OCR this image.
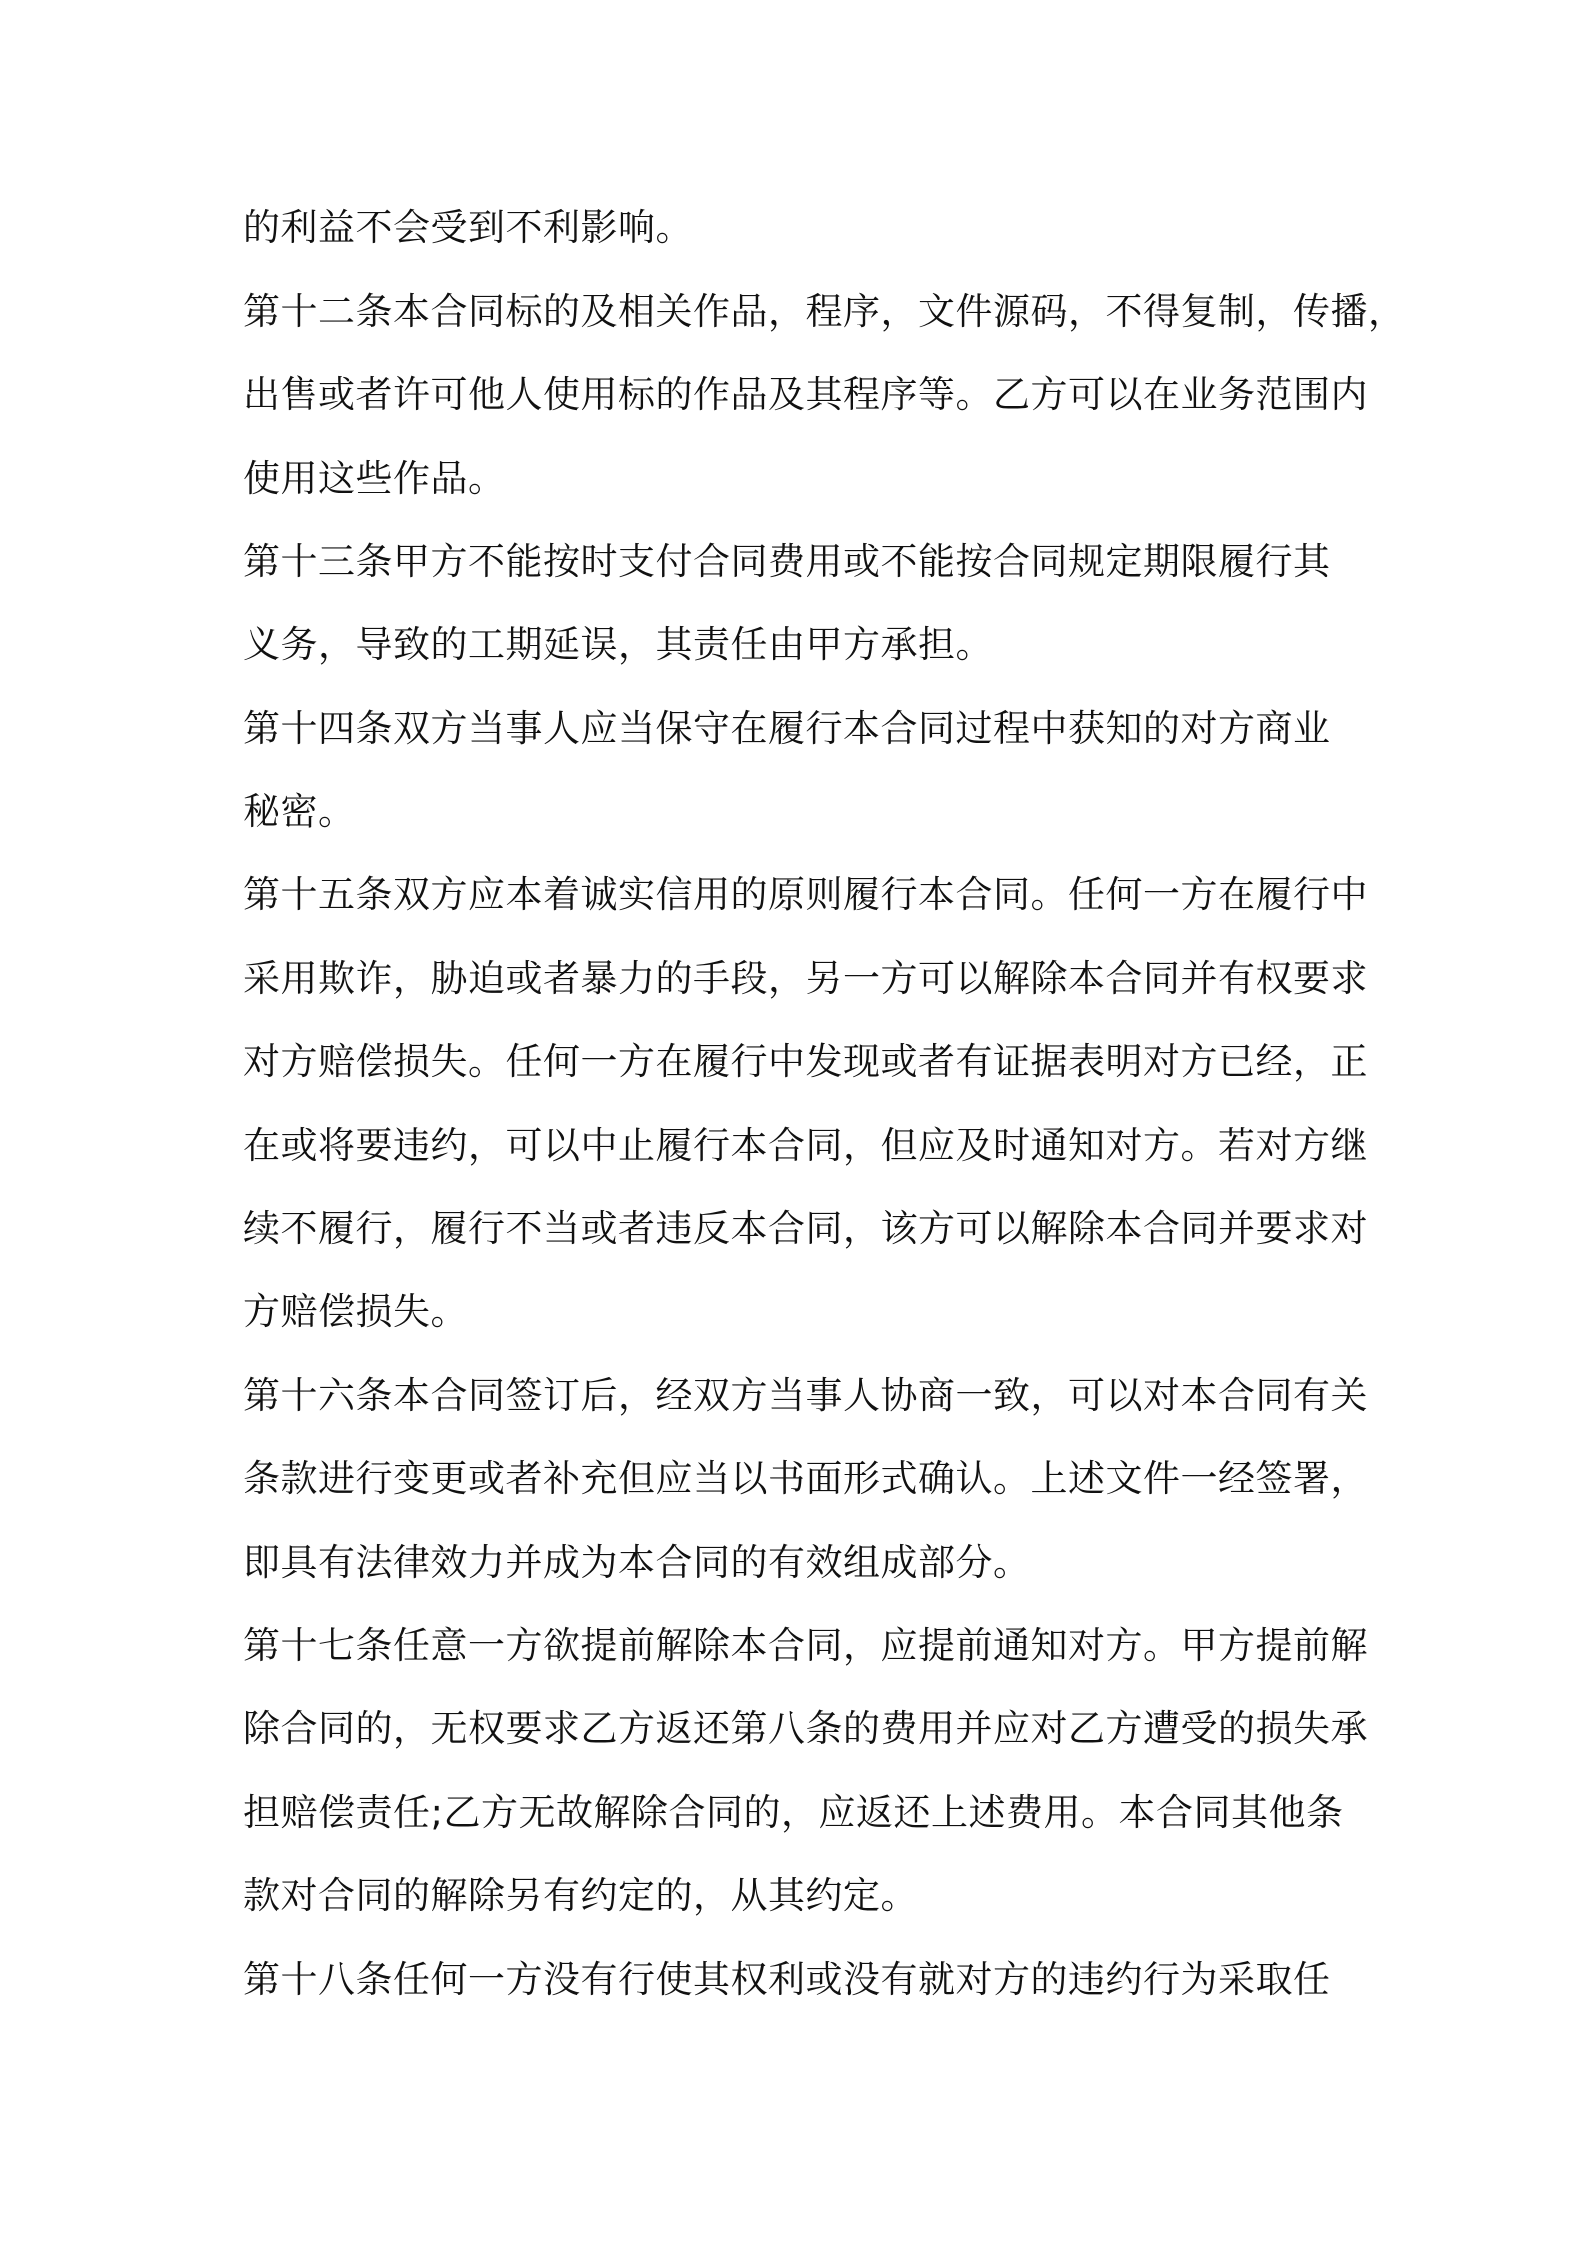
的利益不会受到不利影响。
第十二条本合同标的及相关作品，程序，文件源码，不得复制，传播，
出售或者许可他人使用标的作品及其程序等。乙方可以在业务范围内
使用这些作品。
第十三条甲方不能按时支付合同费用或不能按合同规定期限履行其
义务，导致的工期延误，其责任由甲方承担。
第十四条双方当事人应当保守在履行本合同过程中获知的对方商业
秘密。
第十五条双方应本着诚实信用的原则履行本合同。任何一方在履行中
采用欺诈，胁迫或者暴力的手段，另一方可以解除本合同并有权要求
对方赔偿损失。任何一方在履行中发现或者有证据表明对方已经，正
在或将要违约，可以中止履行本合同，但应及时通知对方。若对方继
续不履行，履行不当或者违反本合同，该方可以解除本合同并要求对
方赔偿损失。
第十六条本合同签订后，经双方当事人协商一致，可以对本合同有关
条款进行变更或者补充但应当以书面形式确认。上述文件一经签署，
即具有法律效力并成为本合同的有效组成部分。
第十七条任意一方欲提前解除本合同，应提前通知对方。甲方提前解
除合同的，无权要求乙方返还第八条的费用并应对乙方遭受的损失承
担赔偿责任;乙方无故解除合同的，应返还上述费用。本合同其他条
款对合同的解除另有约定的，从其约定。
第十八条任何一方没有行使其权利或没有就对方的违约行为采取任
